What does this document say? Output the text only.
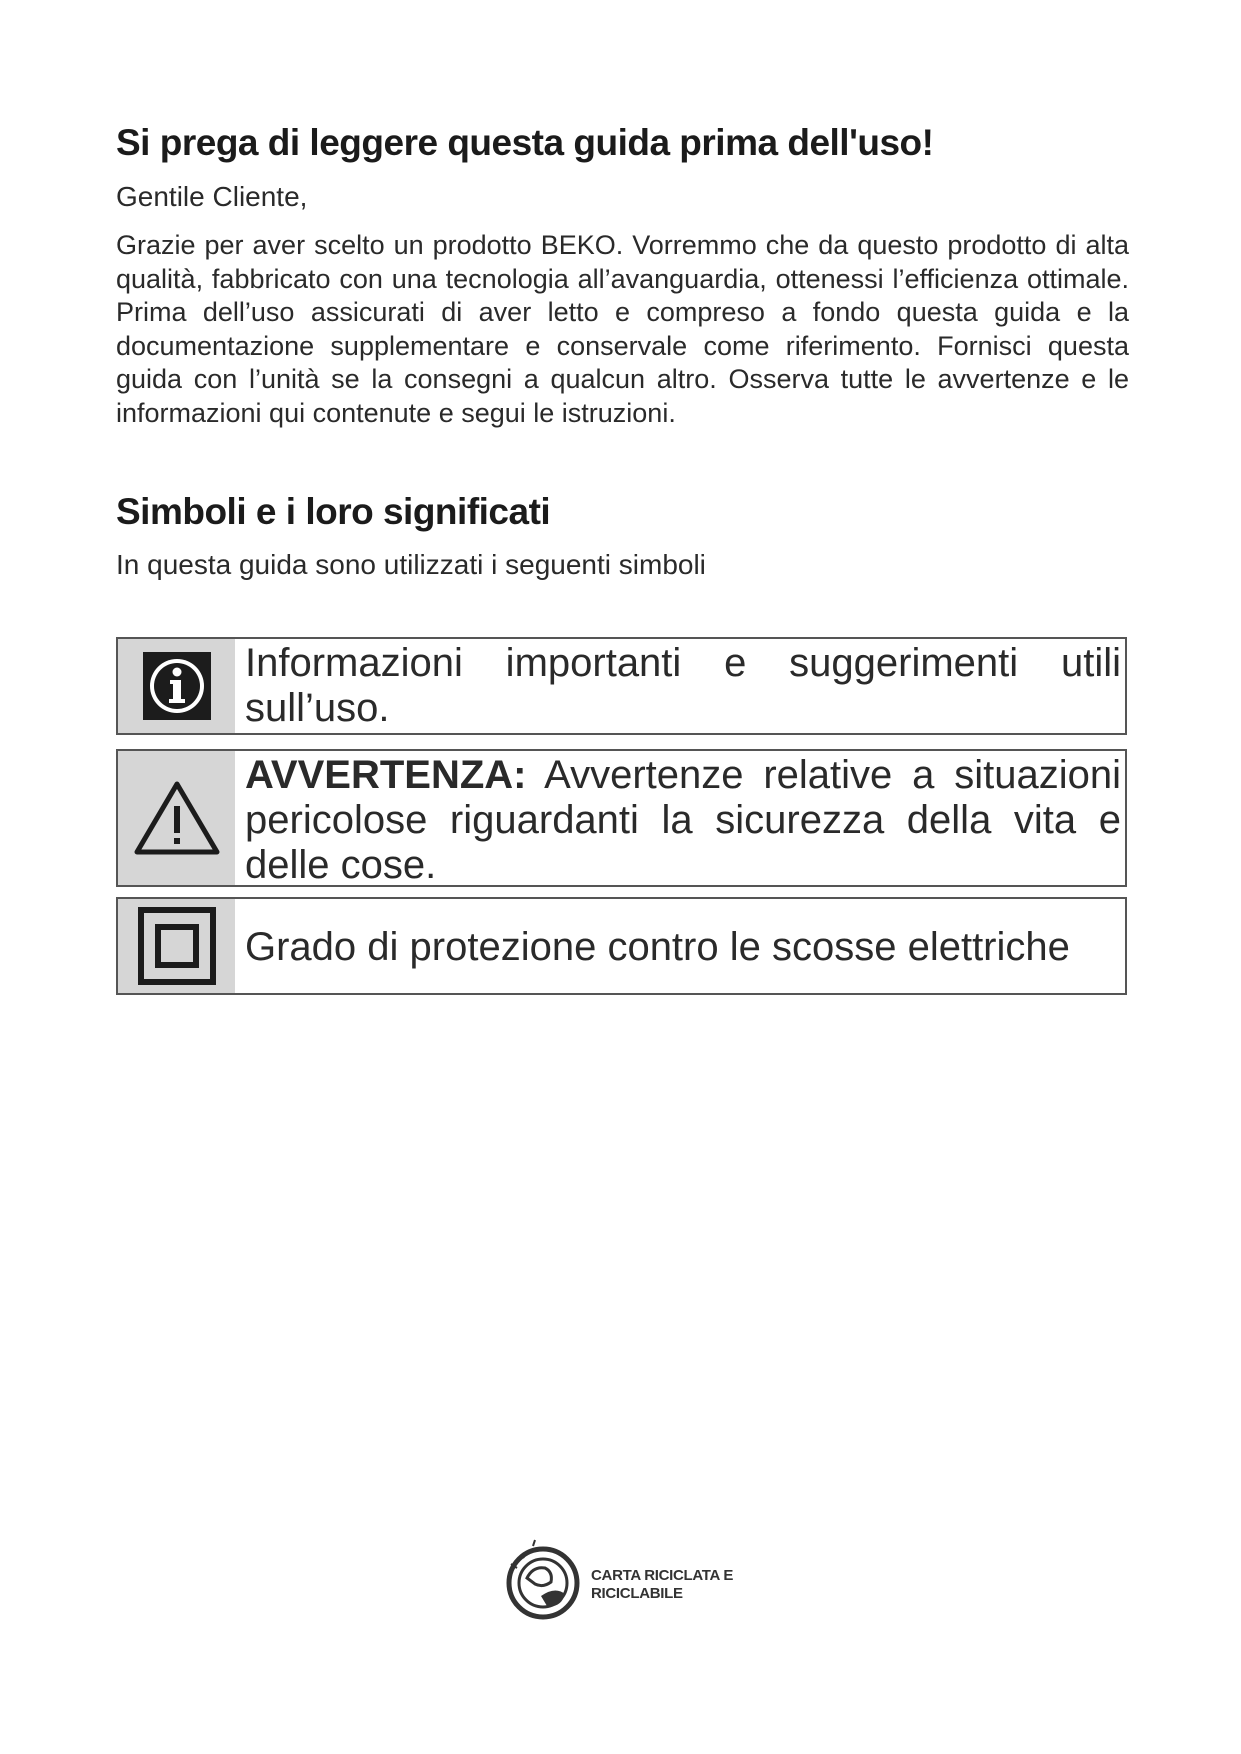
Si prega di leggere questa guida prima dell'uso!

Gentile Cliente,

Grazie per aver scelto un prodotto BEKO. Vorremmo che da questo prodotto di alta qualità, fabbricato con una tecnologia all’avanguardia, ottenessi l’efficienza ottimale. Prima dell’uso assicurati di aver letto e compreso a fondo questa guida e la documentazione supplementare e conservale come riferimento. Fornisci questa guida con l’unità se la consegni a qualcun altro. Osserva tutte le avvertenze e le informazioni qui contenute e segui le istruzioni.

Simboli e i loro significati

In questa guida sono utilizzati i seguenti simboli

Informazioni importanti e suggerimenti utili sull’uso.
AVVERTENZA: Avvertenze relative a situazioni pericolose riguardanti la sicurezza della vita e delle cose.
Grado di protezione contro le scosse elettriche
CARTA RICICLATA E RICICLABILE
